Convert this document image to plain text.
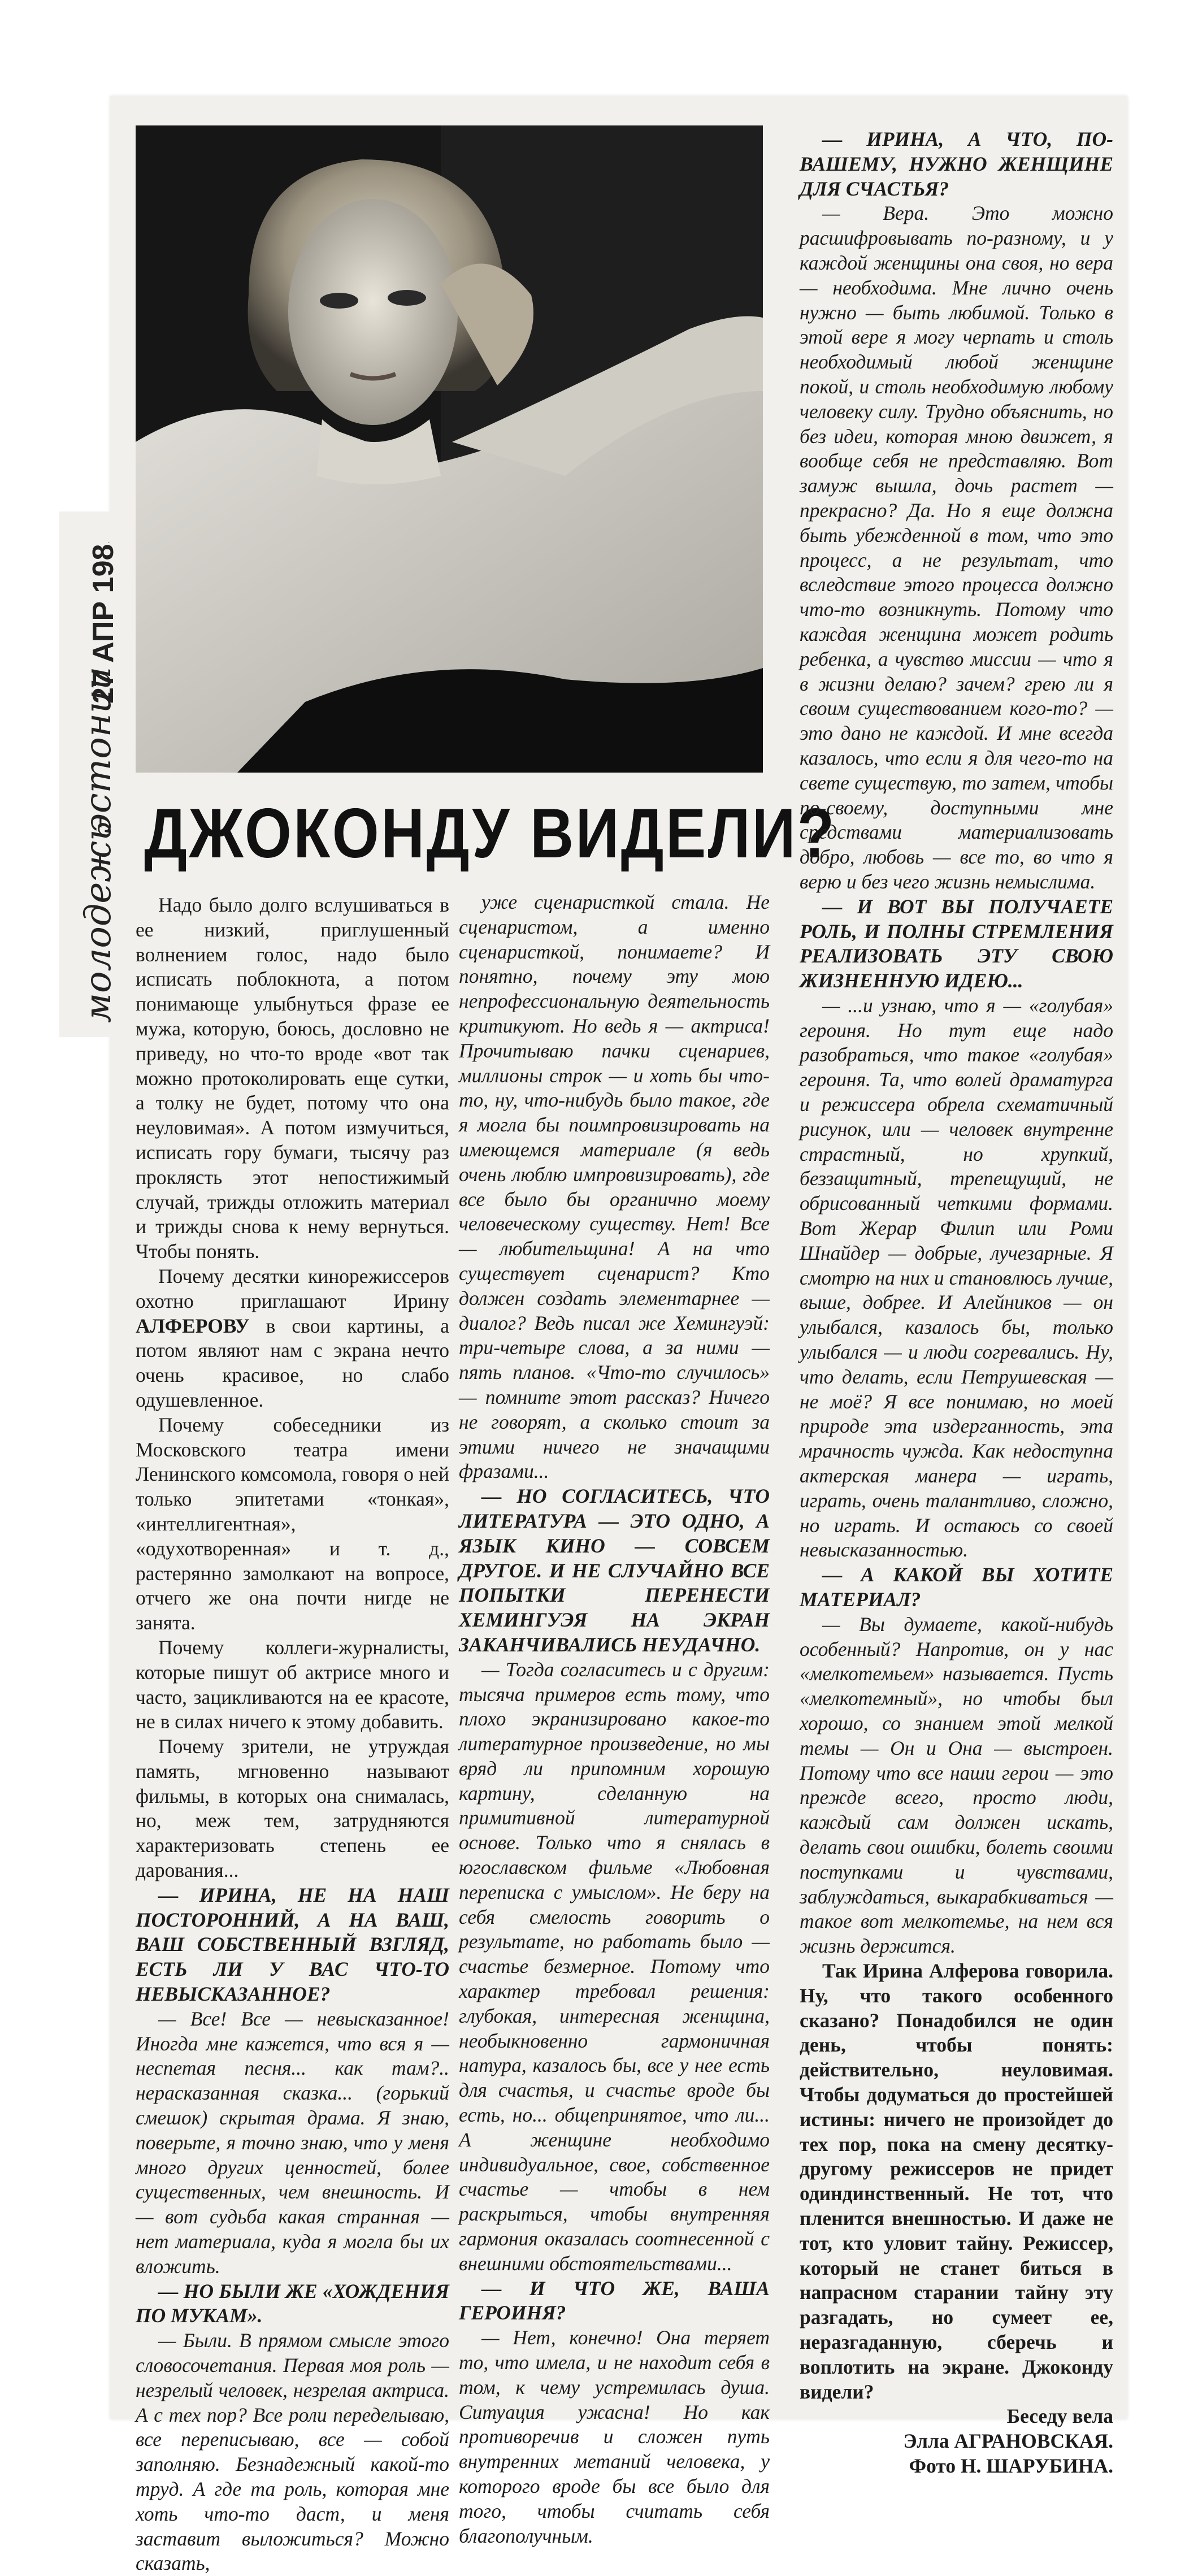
молодежь
эстонии
27 АПР 1985
ДЖОКОНДУ ВИДЕЛИ?

Надо было долго вслушиваться в ее низкий, приглушенный волнением голос, надо было исписать поблокнота, а потом понимающе улыбнуться фразе ее мужа, которую, боюсь, дословно не приведу, но что-то вроде «вот так можно протоколировать еще сутки, а толку не будет, потому что она неуловимая». А потом измучиться, исписать гору бумаги, тысячу раз проклясть этот непостижимый случай, трижды отложить материал и трижды снова к нему вернуться. Чтобы понять.

Почему десятки кинорежиссеров охотно приглашают Ирину АЛФЕРОВУ в свои картины, а потом являют нам с экрана нечто очень красивое, но слабо одушевленное.

Почему собеседники из Московского театра имени Ленинского комсомола, говоря о ней только эпитетами «тонкая», «интеллигентная», «одухотворенная» и т. д., растерянно замолкают на вопросе, отчего же она почти нигде не занята.

Почему коллеги-журналисты, которые пишут об актрисе много и часто, зацикливаются на ее красоте, не в силах ничего к этому добавить.

Почему зрители, не утруждая память, мгновенно называют фильмы, в которых она снималась, но, меж тем, затрудняются характеризовать степень ее дарования...

— ИРИНА, НЕ НА НАШ ПОСТОРОННИЙ, А НА ВАШ, ВАШ СОБСТВЕННЫЙ ВЗГЛЯД, ЕСТЬ ЛИ У ВАС ЧТО-ТО НЕВЫСКАЗАННОЕ?

— Все! Все — невысказанное! Иногда мне кажется, что вся я — неспетая песня... как там?.. нерасказанная сказка... (горький смешок) скрытая драма. Я знаю, поверьте, я точно знаю, что у меня много других ценностей, более существенных, чем внешность. И — вот судьба какая странная — нет материала, куда я могла бы их вложить.

— НО БЫЛИ ЖЕ «ХОЖДЕНИЯ ПО МУКАМ».

— Были. В прямом смысле этого словосочетания. Первая моя роль — незрелый человек, незрелая актриса. А с тех пор? Все роли переделываю, все переписываю, все — собой заполняю. Безнадежный какой-то труд. А где та роль, которая мне хоть что-то даст, и меня заставит выложиться? Можно сказать,

уже сценаристкой стала. Не сценаристом, а именно сценаристкой, понимаете? И понятно, почему эту мою непрофессиональную деятельность критикуют. Но ведь я — актриса! Прочитываю пачки сценариев, миллионы строк — и хоть бы что-то, ну, что-нибудь было такое, где я могла бы поимпровизировать на имеющемся материале (я ведь очень люблю импровизировать), где все было бы органично моему человеческому существу. Нет! Все — любительщина! А на что существует сценарист? Кто должен создать элементарнее — диалог? Ведь писал же Хемингуэй: три-четыре слова, а за ними — пять планов. «Что-то случилось» — помните этот рассказ? Ничего не говорят, а сколько стоит за этими ничего не значащими фразами...

— НО СОГЛАСИТЕСЬ, ЧТО ЛИТЕРАТУРА — ЭТО ОДНО, А ЯЗЫК КИНО — СОВСЕМ ДРУГОЕ. И НЕ СЛУЧАЙНО ВСЕ ПОПЫТКИ ПЕРЕНЕСТИ ХЕМИНГУЭЯ НА ЭКРАН ЗАКАНЧИВАЛИСЬ НЕУДАЧНО.

— Тогда согласитесь и с другим: тысяча примеров есть тому, что плохо экранизировано какое-то литературное произведение, но мы вряд ли припомним хорошую картину, сделанную на примитивной литературной основе. Только что я снялась в югославском фильме «Любовная переписка с умыслом». Не беру на себя смелость говорить о результате, но работать было — счастье безмерное. Потому что характер требовал решения: глубокая, интересная женщина, необыкновенно гармоничная натура, казалось бы, все у нее есть для счастья, и счастье вроде бы есть, но... общепринятое, что ли... А женщине необходимо индивидуальное, свое, собственное счастье — чтобы в нем раскрыться, чтобы внутренняя гармония оказалась соотнесенной с внешними обстоятельствами...

— И ЧТО ЖЕ, ВАША ГЕРОИНЯ?

— Нет, конечно! Она теряет то, что имела, и не находит себя в том, к чему устремилась душа. Ситуация ужасна! Но как противоречив и сложен путь внутренних метаний человека, у которого вроде бы все было для того, чтобы считать себя благополучным.

— ИРИНА, А ЧТО, ПО-ВАШЕМУ, НУЖНО ЖЕНЩИНЕ ДЛЯ СЧАСТЬЯ?

— Вера. Это можно расшифровывать по-разному, и у каждой женщины она своя, но вера — необходима. Мне лично очень нужно — быть любимой. Только в этой вере я могу черпать и столь необходимый любой женщине покой, и столь необходимую любому человеку силу. Трудно объяснить, но без идеи, которая мною движет, я вообще себя не представляю. Вот замуж вышла, дочь растет — прекрасно? Да. Но я еще должна быть убежденной в том, что это процесс, а не результат, что вследствие этого процесса должно что-то возникнуть. Потому что каждая женщина может родить ребенка, а чувство миссии — что я в жизни делаю? зачем? грею ли я своим существованием кого-то? — это дано не каждой. И мне всегда казалось, что если я для чего-то на свете существую, то затем, чтобы по-своему, доступными мне средствами материализовать добро, любовь — все то, во что я верю и без чего жизнь немыслима.

— И ВОТ ВЫ ПОЛУЧАЕТЕ РОЛЬ, И ПОЛНЫ СТРЕМЛЕНИЯ РЕАЛИЗОВАТЬ ЭТУ СВОЮ ЖИЗНЕННУЮ ИДЕЮ...

— ...и узнаю, что я — «голубая» героиня. Но тут еще надо разобраться, что такое «голубая» героиня. Та, что волей драматурга и режиссера обрела схематичный рисунок, или — человек внутренне страстный, но хрупкий, беззащитный, трепещущий, не обрисованный четкими формами. Вот Жерар Филип или Роми Шнайдер — добрые, лучезарные. Я смотрю на них и становлюсь лучше, выше, добрее. И Алейников — он улыбался, казалось бы, только улыбался — и люди согревались. Ну, что делать, если Петрушевская — не моё? Я все понимаю, но моей природе эта издерганность, эта мрачность чужда. Как недоступна актерская манера — играть, играть, очень талантливо, сложно, но играть. И остаюсь со своей невысказанностью.

— А КАКОЙ ВЫ ХОТИТЕ МАТЕРИАЛ?

— Вы думаете, какой-нибудь особенный? Напротив, он у нас «мелкотемьем» называется. Пусть «мелкотемный», но чтобы был хорошо, со знанием этой мелкой темы — Он и Она — выстроен. Потому что все наши герои — это прежде всего, просто люди, каждый сам должен искать, делать свои ошибки, болеть своими поступками и чувствами, заблуждаться, выкарабкиваться — такое вот мелкотемье, на нем вся жизнь держится.

Так Ирина Алферова говорила. Ну, что такого особенного сказано? Понадобился не один день, чтобы понять: действительно, неуловимая. Чтобы додуматься до простейшей истины: ничего не произойдет до тех пор, пока на смену десятку-другому режиссеров не придет одиндинственный. Не тот, что пленится внешностью. И даже не тот, кто уловит тайну. Режиссер, который не станет биться в напрасном старании тайну эту разгадать, но сумеет ее, неразгаданную, сберечь и воплотить на экране. Джоконду видели?

Беседу вела

Элла АГРАНОВСКАЯ.

Фото Н. ШАРУБИНА.
